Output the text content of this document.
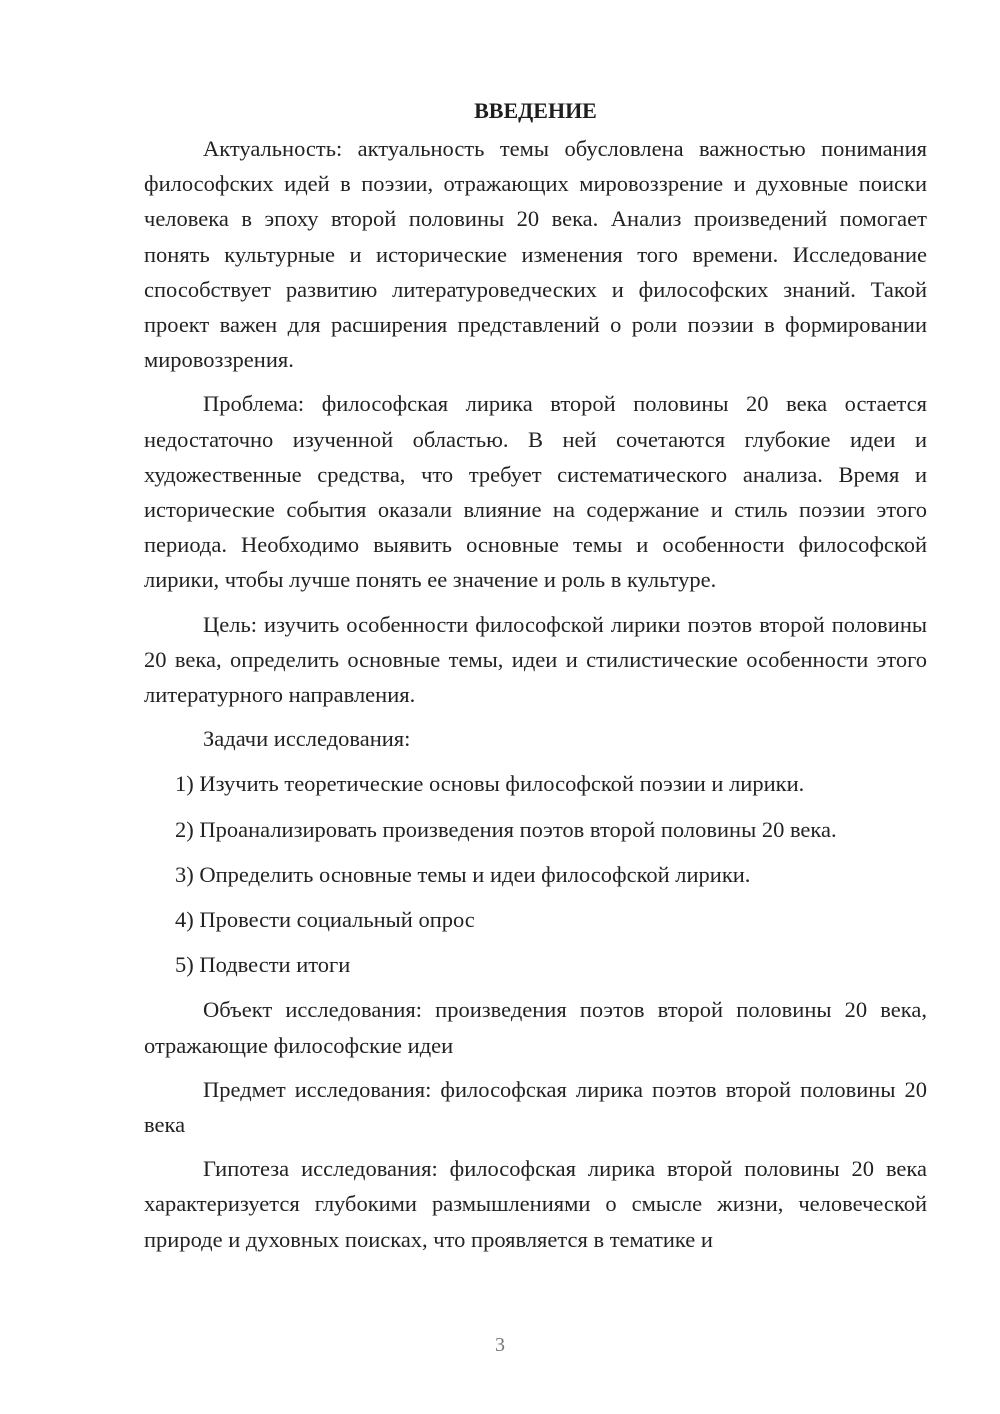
ВВЕДЕНИЕ

Актуальность: актуальность темы обусловлена важностью понимания философских идей в поэзии, отражающих мировоззрение и духовные поиски человека в эпоху второй половины 20 века. Анализ произведений помогает понять культурные и исторические изменения того времени. Исследование способствует развитию литературоведческих и философских знаний. Такой проект важен для расширения представлений о роли поэзии в формировании мировоззрения.

Проблема: философская лирика второй половины 20 века остается недостаточно изученной областью. В ней сочетаются глубокие идеи и художественные средства, что требует систематического анализа. Время и исторические события оказали влияние на содержание и стиль поэзии этого периода. Необходимо выявить основные темы и особенности философской лирики, чтобы лучше понять ее значение и роль в культуре.

Цель: изучить особенности философской лирики поэтов второй половины 20 века, определить основные темы, идеи и стилистические особенности этого литературного направления.

Задачи исследования:

1) Изучить теоретические основы философской поэзии и лирики.

2) Проанализировать произведения поэтов второй половины 20 века.

3) Определить основные темы и идеи философской лирики.

4) Провести социальный опрос

5) Подвести итоги

Объект исследования: произведения поэтов второй половины 20 века, отражающие философские идеи

Предмет исследования: философская лирика поэтов второй половины 20 века

Гипотеза исследования: философская лирика второй половины 20 века характеризуется глубокими размышлениями о смысле жизни, человеческой природе и духовных поисках, что проявляется в тематике и

3
